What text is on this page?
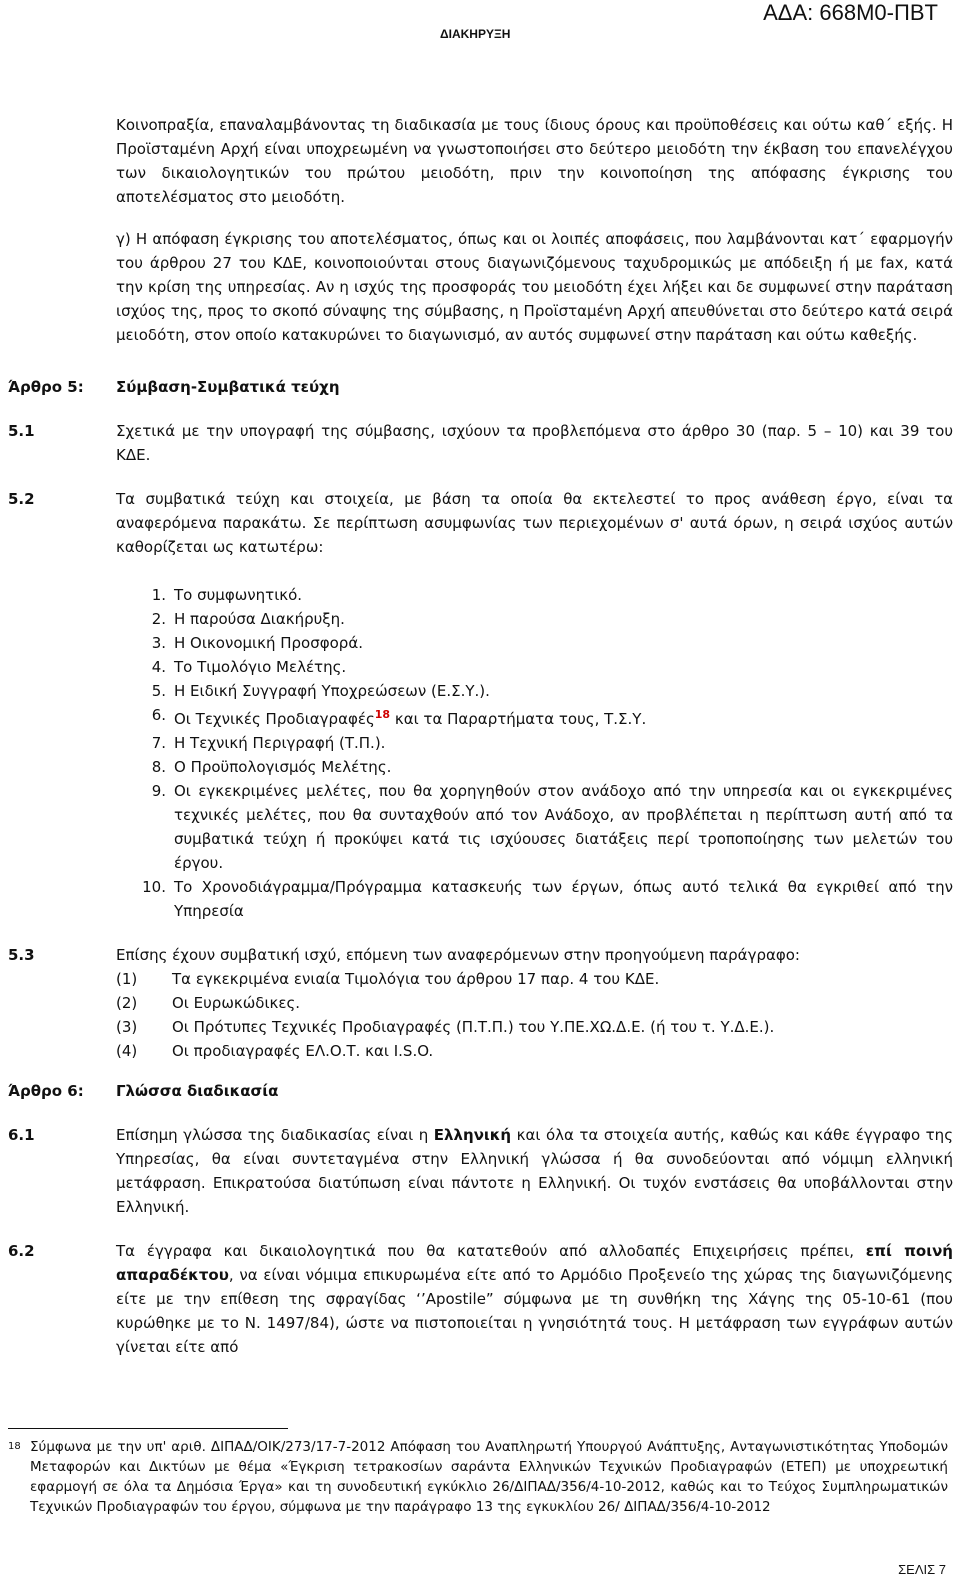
ΑΔΑ: 668Μ0-ΠΒΤ
ΔΙΑΚΗΡΥΞΗ

Κοινοπραξία, επαναλαμβάνοντας τη διαδικασία με τους ίδιους όρους και προϋποθέσεις και ούτω καθ΄ εξής. Η Προϊσταμένη Αρχή είναι υποχρεωμένη να γνωστοποιήσει στο δεύτερο μειοδότη την έκβαση του επανελέγχου των δικαιολογητικών του πρώτου μειοδότη, πριν την κοινοποίηση της απόφασης έγκρισης του αποτελέσματος στο μειοδότη.

γ) Η απόφαση έγκρισης του αποτελέσματος, όπως και οι λοιπές αποφάσεις, που λαμβάνονται κατ΄ εφαρμογήν του άρθρου 27 του ΚΔΕ, κοινοποιούνται στους διαγωνιζόμενους ταχυδρομικώς με απόδειξη ή με fax, κατά την κρίση της υπηρεσίας. Αν η ισχύς της προσφοράς του μειοδότη έχει λήξει και δε συμφωνεί στην παράταση ισχύος της, προς το σκοπό σύναψης της σύμβασης, η Προϊσταμένη Αρχή απευθύνεται στο δεύτερο κατά σειρά μειοδότη, στον οποίο κατακυρώνει το διαγωνισμό, αν αυτός συμφωνεί στην παράταση και ούτω καθεξής.

Άρθρο 5:	Σύμβαση-Συμβατικά τεύχη
5.1	Σχετικά με την υπογραφή της σύμβασης, ισχύουν τα προβλεπόμενα στο άρθρο 30 (παρ. 5 – 10) και 39 του ΚΔΕ.

5.2	Τα συμβατικά τεύχη και στοιχεία, με βάση τα οποία θα εκτελεστεί το προς ανάθεση έργο, είναι τα αναφερόμενα παρακάτω. Σε περίπτωση ασυμφωνίας των περιεχομένων σ' αυτά όρων, η σειρά ισχύος αυτών καθορίζεται ως κατωτέρω:

1. Το συμφωνητικό.
2. Η παρούσα Διακήρυξη.
3. Η Οικονομική Προσφορά.
4. Το Τιμολόγιο Μελέτης.
5. Η Ειδική Συγγραφή Υποχρεώσεων (Ε.Σ.Υ.).
6. Οι Τεχνικές Προδιαγραφές$^{18}$ και τα Παραρτήματα τους, Τ.Σ.Υ.
7. Η Τεχνική Περιγραφή (Τ.Π.).
8. Ο Προϋπολογισμός Μελέτης.
9. Οι εγκεκριμένες μελέτες, που θα χορηγηθούν στον ανάδοχο από την υπηρεσία και οι εγκεκριμένες τεχνικές μελέτες, που θα συνταχθούν από τον Ανάδοχο, αν προβλέπεται η περίπτωση αυτή από τα συμβατικά τεύχη ή προκύψει κατά τις ισχύουσες διατάξεις περί τροποποίησης των μελετών του έργου.
10. Το Χρονοδιάγραμμα/Πρόγραμμα κατασκευής των έργων, όπως αυτό τελικά θα εγκριθεί από την Υπηρεσία
5.3	Επίσης έχουν συμβατική ισχύ, επόμενη των αναφερόμενων στην προηγούμενη παράγραφο:

(1)	Τα εγκεκριμένα ενιαία Τιμολόγια του άρθρου 17 παρ. 4 του ΚΔΕ.
(2)	Οι Ευρωκώδικες.
(3)	Οι Πρότυπες Τεχνικές Προδιαγραφές (Π.Τ.Π.) του Υ.ΠΕ.ΧΩ.Δ.Ε. (ή του τ. Υ.Δ.Ε.).
(4)	Οι προδιαγραφές ΕΛ.Ο.Τ. και I.S.O.
Άρθρο 6:	Γλώσσα διαδικασία
6.1	Επίσημη γλώσσα της διαδικασίας είναι η Ελληνική και όλα τα στοιχεία αυτής, καθώς και κάθε έγγραφο της Υπηρεσίας, θα είναι συντεταγμένα στην Ελληνική γλώσσα ή θα συνοδεύονται από νόμιμη ελληνική μετάφραση. Επικρατούσα διατύπωση είναι πάντοτε η Ελληνική. Οι τυχόν ενστάσεις θα υποβάλλονται στην Ελληνική.

6.2	Τα έγγραφα και δικαιολογητικά που θα κατατεθούν από αλλοδαπές Επιχειρήσεις πρέπει, επί ποινή απαραδέκτου, να είναι νόμιμα επικυρωμένα είτε από το Αρμόδιο Προξενείο της χώρας της διαγωνιζόμενης είτε με την επίθεση της σφραγίδας ‘’Apostile” σύμφωνα με τη συνθήκη της Χάγης της 05-10-61 (που κυρώθηκε με το Ν. 1497/84), ώστε να πιστοποιείται η γνησιότητά τους. Η μετάφραση των εγγράφων αυτών γίνεται είτε από

18 Σύμφωνα με την υπ' αριθ. ΔΙΠΑΔ/ΟΙΚ/273/17-7-2012 Απόφαση του Αναπληρωτή Υπουργού Ανάπτυξης, Ανταγωνιστικότητας Υποδομών Μεταφορών και Δικτύων με θέμα «Έγκριση τετρακοσίων σαράντα Ελληνικών Τεχνικών Προδιαγραφών (ΕΤΕΠ) με υποχρεωτική εφαρμογή σε όλα τα Δημόσια Έργα» και τη συνοδευτική εγκύκλιο 26/ΔΙΠΑΔ/356/4-10-2012, καθώς και το Τεύχος Συμπληρωματικών Τεχνικών Προδιαγραφών του έργου, σύμφωνα με την παράγραφο 13 της εγκυκλίου 26/ ΔΙΠΑΔ/356/4-10-2012
ΣΕΛΙΣ 7
